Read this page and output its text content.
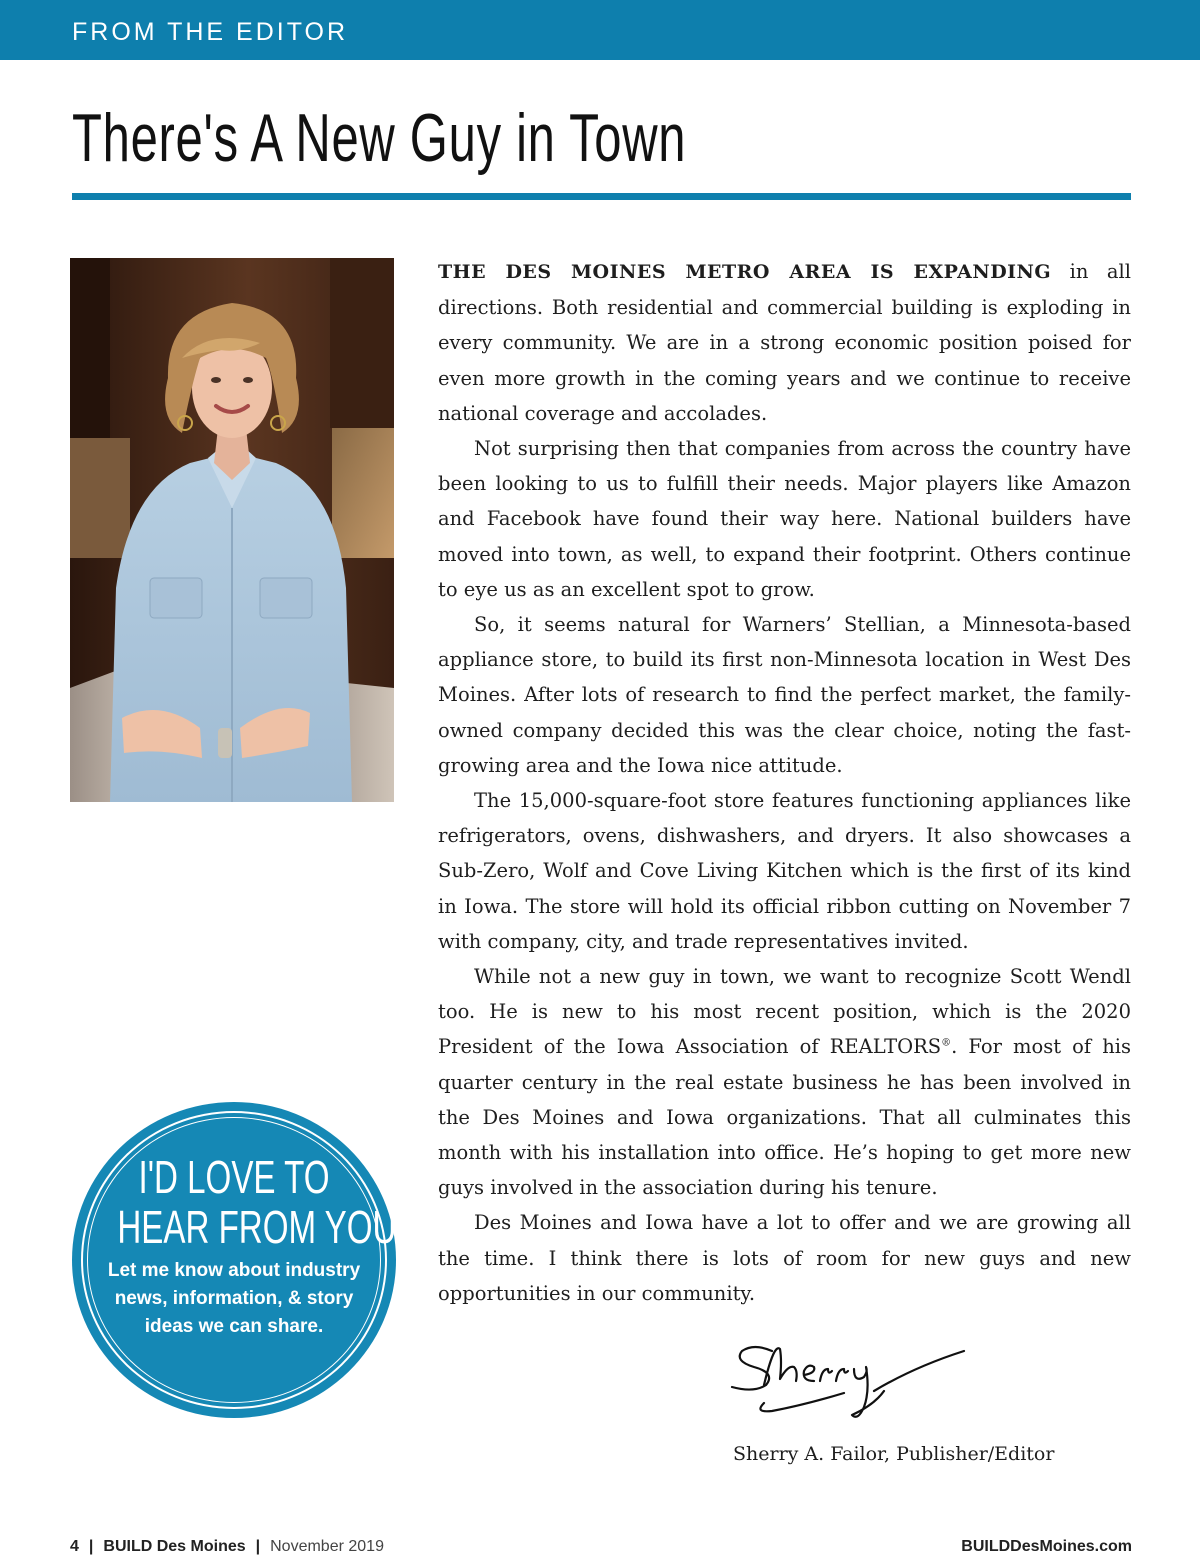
FROM THE EDITOR
There's A New Guy in Town
I'D LOVE TO
HEAR FROM YOU!
Let me know about industry news, information, & story ideas we can share.

THE DES MOINES METRO AREA IS EXPANDING in all directions. Both residential and commercial building is exploding in every community. We are in a strong economic position poised for even more growth in the coming years and we continue to receive national coverage and accolades.

Not surprising then that companies from across the country have been looking to us to fulfill their needs. Major players like Amazon and Facebook have found their way here. National builders have moved into town, as well, to expand their footprint. Others continue to eye us as an excellent spot to grow.

So, it seems natural for Warners’ Stellian, a Minnesota-based appliance store, to build its first non-Minnesota location in West Des Moines. After lots of research to find the perfect market, the family-owned company decided this was the clear choice, noting the fast-growing area and the Iowa nice attitude.

The 15,000-square-foot store features functioning appliances like refrigerators, ovens, dishwashers, and dryers. It also showcases a Sub-Zero, Wolf and Cove Living Kitchen which is the first of its kind in Iowa. The store will hold its official ribbon cutting on November 7 with company, city, and trade representatives invited.

While not a new guy in town, we want to recognize Scott Wendl too. He is new to his most recent position, which is the 2020 President of the Iowa Association of REALTORS®. For most of his quarter century in the real estate business he has been involved in the Des Moines and Iowa organizations. That all culminates this month with his installation into office. He’s hoping to get more new guys involved in the association during his tenure.

Des Moines and Iowa have a lot to offer and we are growing all the time. I think there is lots of room for new guys and new opportunities in our community.

Sherry A. Failor, Publisher/Editor
4 | BUILD Des Moines | November 2019	BUILDDesMoines.com
